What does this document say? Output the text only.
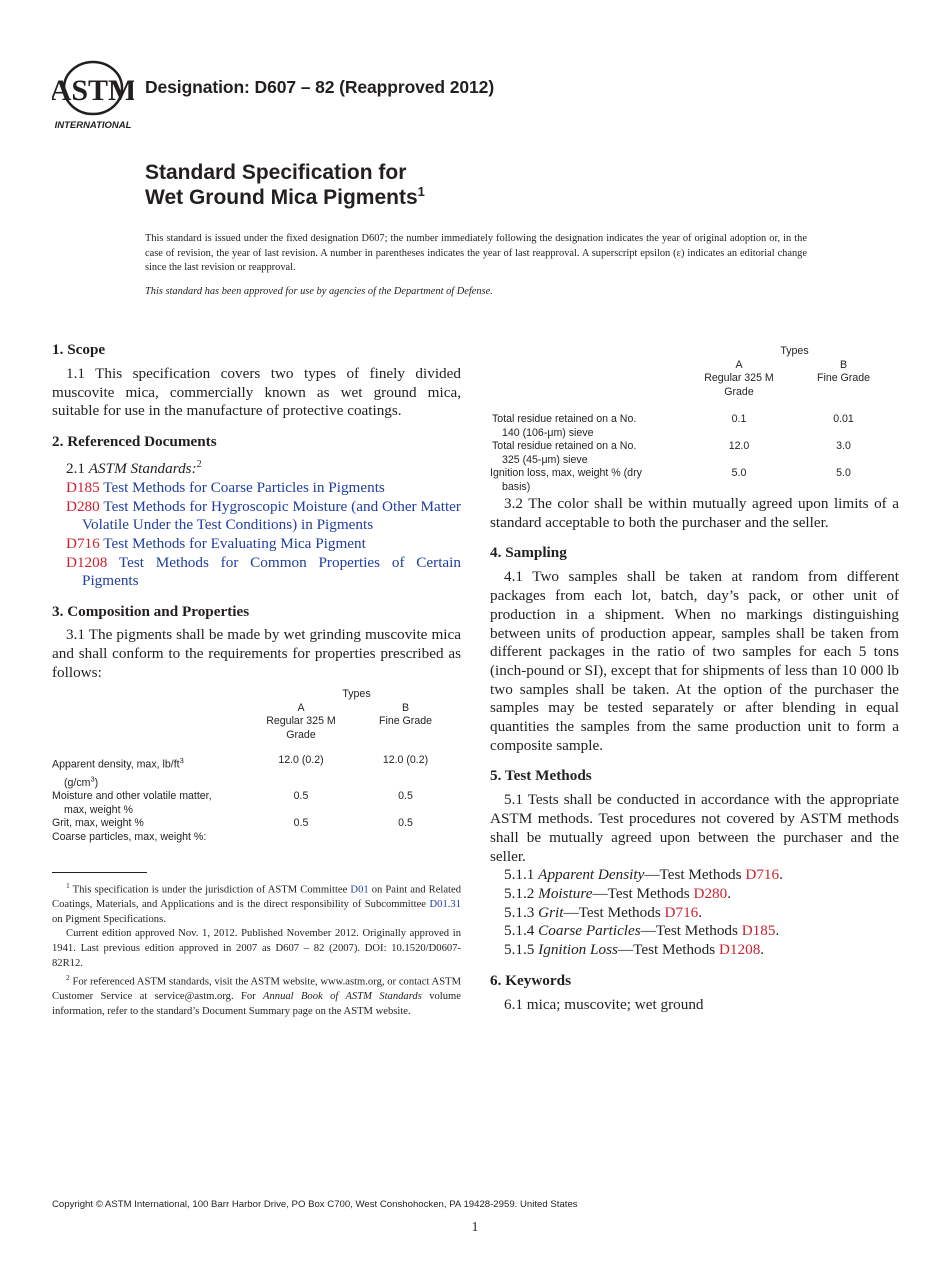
ASTM
INTERNATIONAL
Designation: D607 – 82 (Reapproved 2012)
Standard Specification for
Wet Ground Mica Pigments$^1$
This standard is issued under the fixed designation D607; the number immediately following the designation indicates the year of original adoption or, in the case of revision, the year of last revision. A number in parentheses indicates the year of last reapproval. A superscript epsilon (ε) indicates an editorial change since the last revision or reapproval.
This standard has been approved for use by agencies of the Department of Defense.
1. Scope

1.1 This specification covers two types of finely divided muscovite mica, commercially known as wet ground mica, suitable for use in the manufacture of protective coatings.

2. Referenced Documents

2.1 ASTM Standards:$^2$

D185 Test Methods for Coarse Particles in Pigments

D280 Test Methods for Hygroscopic Moisture (and Other Matter Volatile Under the Test Conditions) in Pigments

D716 Test Methods for Evaluating Mica Pigment

D1208 Test Methods for Common Properties of Certain Pigments

3. Composition and Properties

3.1 The pigments shall be made by wet grinding muscovite mica and shall conform to the requirements for properties prescribed as follows:

	Types	
	A	B
	Regular 325 M Grade	Fine Grade

Apparent density, max, $lb/ft^3$
$(g/cm^3)$	12.0 (0.2)	12.0 (0.2)
Moisture and other volatile matter, max, weight %	0.5	0.5
Grit, max, weight %	0.5	0.5
Coarse particles, max, weight %:		

$^1$ This specification is under the jurisdiction of ASTM Committee D01 on Paint and Related Coatings, Materials, and Applications and is the direct responsibility of Subcommittee D01.31 on Pigment Specifications.

Current edition approved Nov. 1, 2012. Published November 2012. Originally approved in 1941. Last previous edition approved in 2007 as D607 – 82 (2007). DOI: 10.1520/D0607-82R12.

$^2$ For referenced ASTM standards, visit the ASTM website, www.astm.org, or contact ASTM Customer Service at service@astm.org. For Annual Book of ASTM Standards volume information, refer to the standard’s Document Summary page on the ASTM website.

	Types	
	A	B
	Regular 325 M Grade	Fine Grade

Total residue retained on a No. 140 (106-μm) sieve	0.1	0.01
Total residue retained on a No. 325 (45-μm) sieve	12.0	3.0
Ignition loss, max, weight % (dry basis)	5.0	5.0

3.2 The color shall be within mutually agreed upon limits of a standard acceptable to both the purchaser and the seller.

4. Sampling

4.1 Two samples shall be taken at random from different packages from each lot, batch, day’s pack, or other unit of production in a shipment. When no markings distinguishing between units of production appear, samples shall be taken from different packages in the ratio of two samples for each 5 tons (inch-pound or SI), except that for shipments of less than 10 000 lb two samples shall be taken. At the option of the purchaser the samples may be tested separately or after blending in equal quantities the samples from the same production unit to form a composite sample.

5. Test Methods

5.1 Tests shall be conducted in accordance with the appropriate ASTM methods. Test procedures not covered by ASTM methods shall be mutually agreed upon between the purchaser and the seller.

5.1.1 Apparent Density—Test Methods D716.

5.1.2 Moisture—Test Methods D280.

5.1.3 Grit—Test Methods D716.

5.1.4 Coarse Particles—Test Methods D185.

5.1.5 Ignition Loss—Test Methods D1208.

6. Keywords

6.1 mica; muscovite; wet ground

Copyright © ASTM International, 100 Barr Harbor Drive, PO Box C700, West Conshohocken, PA 19428-2959. United States
1
